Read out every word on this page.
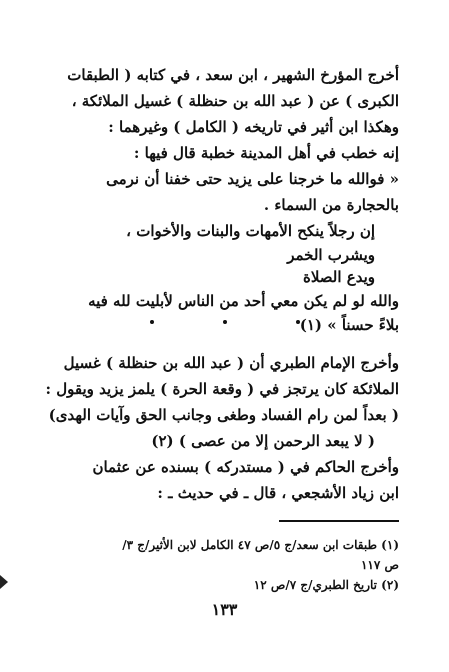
أخرج المؤرخ الشهير ، ابن سعد ، في كتابه ( الطبقات
الكبرى ) عن ( عبد الله بن حنظلة ) غسيل الملائكة ،
وهكذا ابن أثير في تاريخه ( الكامل ) وغيرهما :
إنه خطب في أهل المدينة خطبة قال فيها :
« فوالله ما خرجنا على يزيد حتى خفنا أن نرمى
بالحجارة من السماء .
إن رجلاً ينكح الأمهات والبنات والأخوات ،
ويشرب الخمر
ويدع الصلاة
والله لو لم يكن معي أحد من الناس لأبليت لله فيه
بلاءً حسناً » (١)
وأخرج الإمام الطبري أن ( عبد الله بن حنظلة ) غسيل
الملائكة كان يرتجز في ( وقعة الحرة ) يلمز يزيد ويقول :
( بعداً لمن رام الفساد وطغى وجانب الحق وآيات الهدى)
( لا يبعد الرحمن إلا من عصى ) (٢)
وأخرج الحاكم في ( مستدركه ) بسنده عن عثمان
ابن زياد الأشجعي ، قال ـ في حديث ـ :
(١) طبقات ابن سعد/ج ٥/ص ٤٧ الكامل لابن الأثير/ج ٣/
ص ١١٧
(٢) تاريخ الطبري/ج ٧/ص ١٢
١٣٣
